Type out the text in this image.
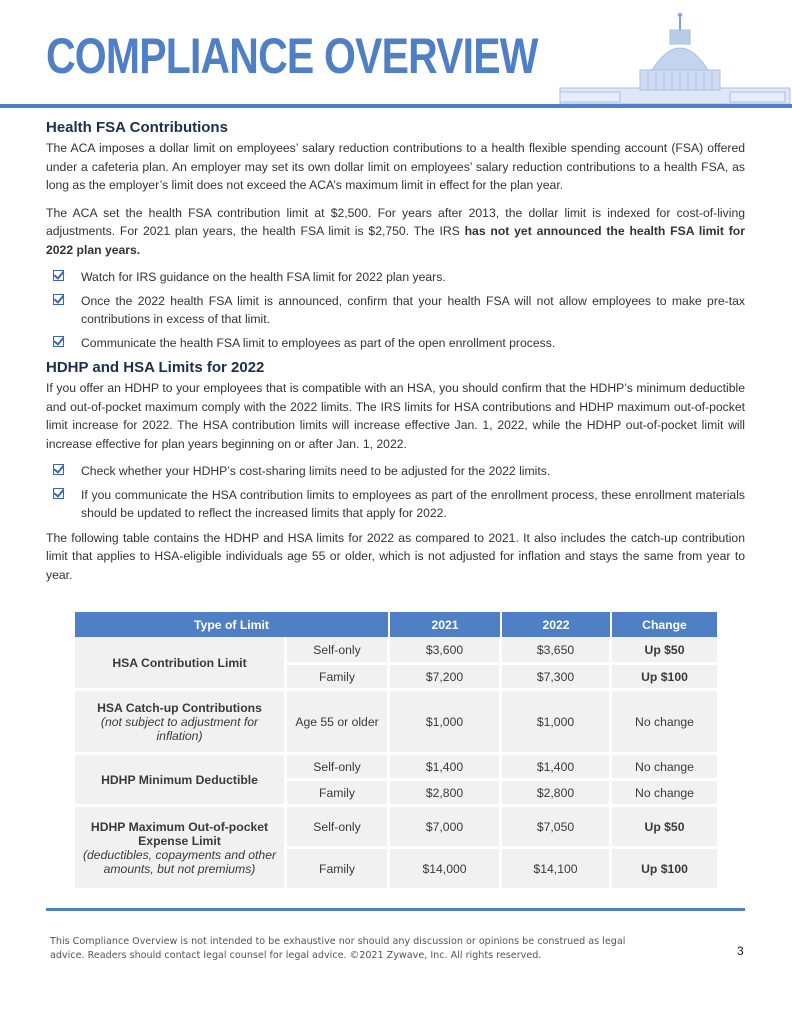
COMPLIANCE OVERVIEW
Health FSA Contributions

The ACA imposes a dollar limit on employees’ salary reduction contributions to a health flexible spending account (FSA) offered under a cafeteria plan. An employer may set its own dollar limit on employees’ salary reduction contributions to a health FSA, as long as the employer’s limit does not exceed the ACA’s maximum limit in effect for the plan year.

The ACA set the health FSA contribution limit at $2,500. For years after 2013, the dollar limit is indexed for cost-of-living adjustments. For 2021 plan years, the health FSA limit is $2,750. The IRS has not yet announced the health FSA limit for 2022 plan years.

Watch for IRS guidance on the health FSA limit for 2022 plan years.
Once the 2022 health FSA limit is announced, confirm that your health FSA will not allow employees to make pre-tax contributions in excess of that limit.
Communicate the health FSA limit to employees as part of the open enrollment process.
HDHP and HSA Limits for 2022

If you offer an HDHP to your employees that is compatible with an HSA, you should confirm that the HDHP’s minimum deductible and out-of-pocket maximum comply with the 2022 limits. The IRS limits for HSA contributions and HDHP maximum out-of-pocket limit increase for 2022. The HSA contribution limits will increase effective Jan. 1, 2022, while the HDHP out-of-pocket limit will increase effective for plan years beginning on or after Jan. 1, 2022.

Check whether your HDHP’s cost-sharing limits need to be adjusted for the 2022 limits.
If you communicate the HSA contribution limits to employees as part of the enrollment process, these enrollment materials should be updated to reflect the increased limits that apply for 2022.

The following table contains the HDHP and HSA limits for 2022 as compared to 2021. It also includes the catch-up contribution limit that applies to HSA-eligible individuals age 55 or older, which is not adjusted for inflation and stays the same from year to year.

Type of Limit		2021	2022	Change
HSA Contribution Limit	Self-only	$3,600	$3,650	Up $50
	Family	$7,200	$7,300	Up $100
HSA Catch-up Contributions
(not subject to adjustment for inflation)	Age 55 or older	$1,000	$1,000	No change
HDHP Minimum Deductible	Self-only	$1,400	$1,400	No change
	Family	$2,800	$2,800	No change
HDHP Maximum Out-of-pocket Expense Limit
(deductibles, copayments and other amounts, but not premiums)	Self-only	$7,000	$7,050	Up $50
	Family	$14,000	$14,100	Up $100
This Compliance Overview is not intended to be exhaustive nor should any discussion or opinions be construed as legal advice. Readers should contact legal counsel for legal advice. ©2021 Zywave, Inc. All rights reserved.	3
